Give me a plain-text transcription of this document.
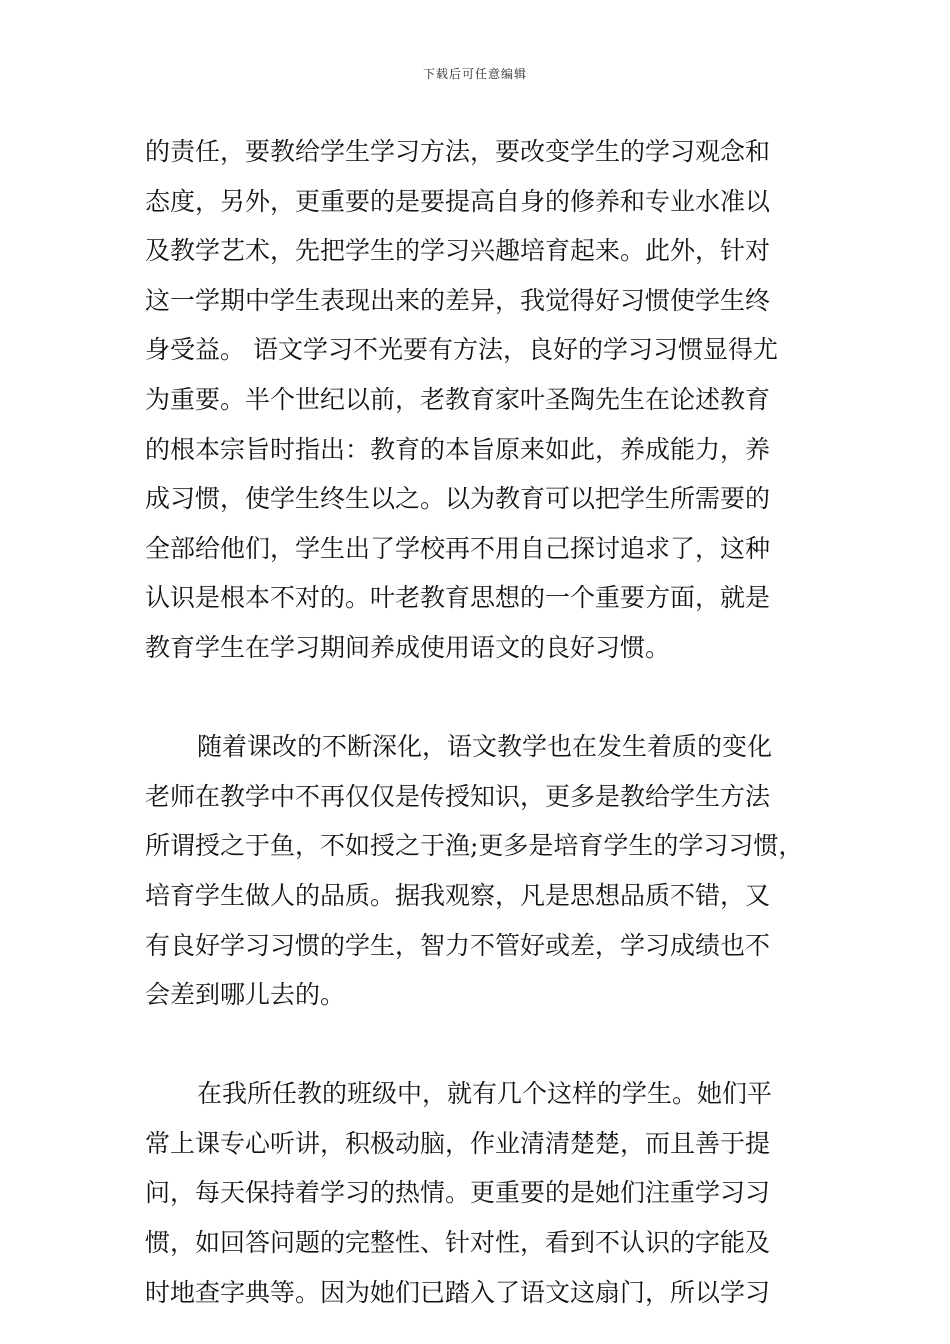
下载后可任意编辑
的责任，要教给学生学习方法，要改变学生的学习观念和
态度，另外，更重要的是要提高自身的修养和专业水准以
及教学艺术，先把学生的学习兴趣培育起来。此外，针对
这一学期中学生表现出来的差异，我觉得好习惯使学生终
身受益。 语文学习不光要有方法，良好的学习习惯显得尤
为重要。半个世纪以前，老教育家叶圣陶先生在论述教育
的根本宗旨时指出：教育的本旨原来如此，养成能力，养
成习惯，使学生终生以之。以为教育可以把学生所需要的
全部给他们，学生出了学校再不用自己探讨追求了，这种
认识是根本不对的。叶老教育思想的一个重要方面，就是
教育学生在学习期间养成使用语文的良好习惯。
随着课改的不断深化，语文教学也在发生着质的变化
老师在教学中不再仅仅是传授知识，更多是教给学生方法
所谓授之于鱼，不如授之于渔;更多是培育学生的学习习惯，
培育学生做人的品质。据我观察，凡是思想品质不错，又
有良好学习习惯的学生，智力不管好或差，学习成绩也不
会差到哪儿去的。
在我所任教的班级中，就有几个这样的学生。她们平
常上课专心听讲，积极动脑，作业清清楚楚，而且善于提
问，每天保持着学习的热情。更重要的是她们注重学习习
惯，如回答问题的完整性、针对性，看到不认识的字能及
时地查字典等。因为她们已踏入了语文这扇门，所以学习
